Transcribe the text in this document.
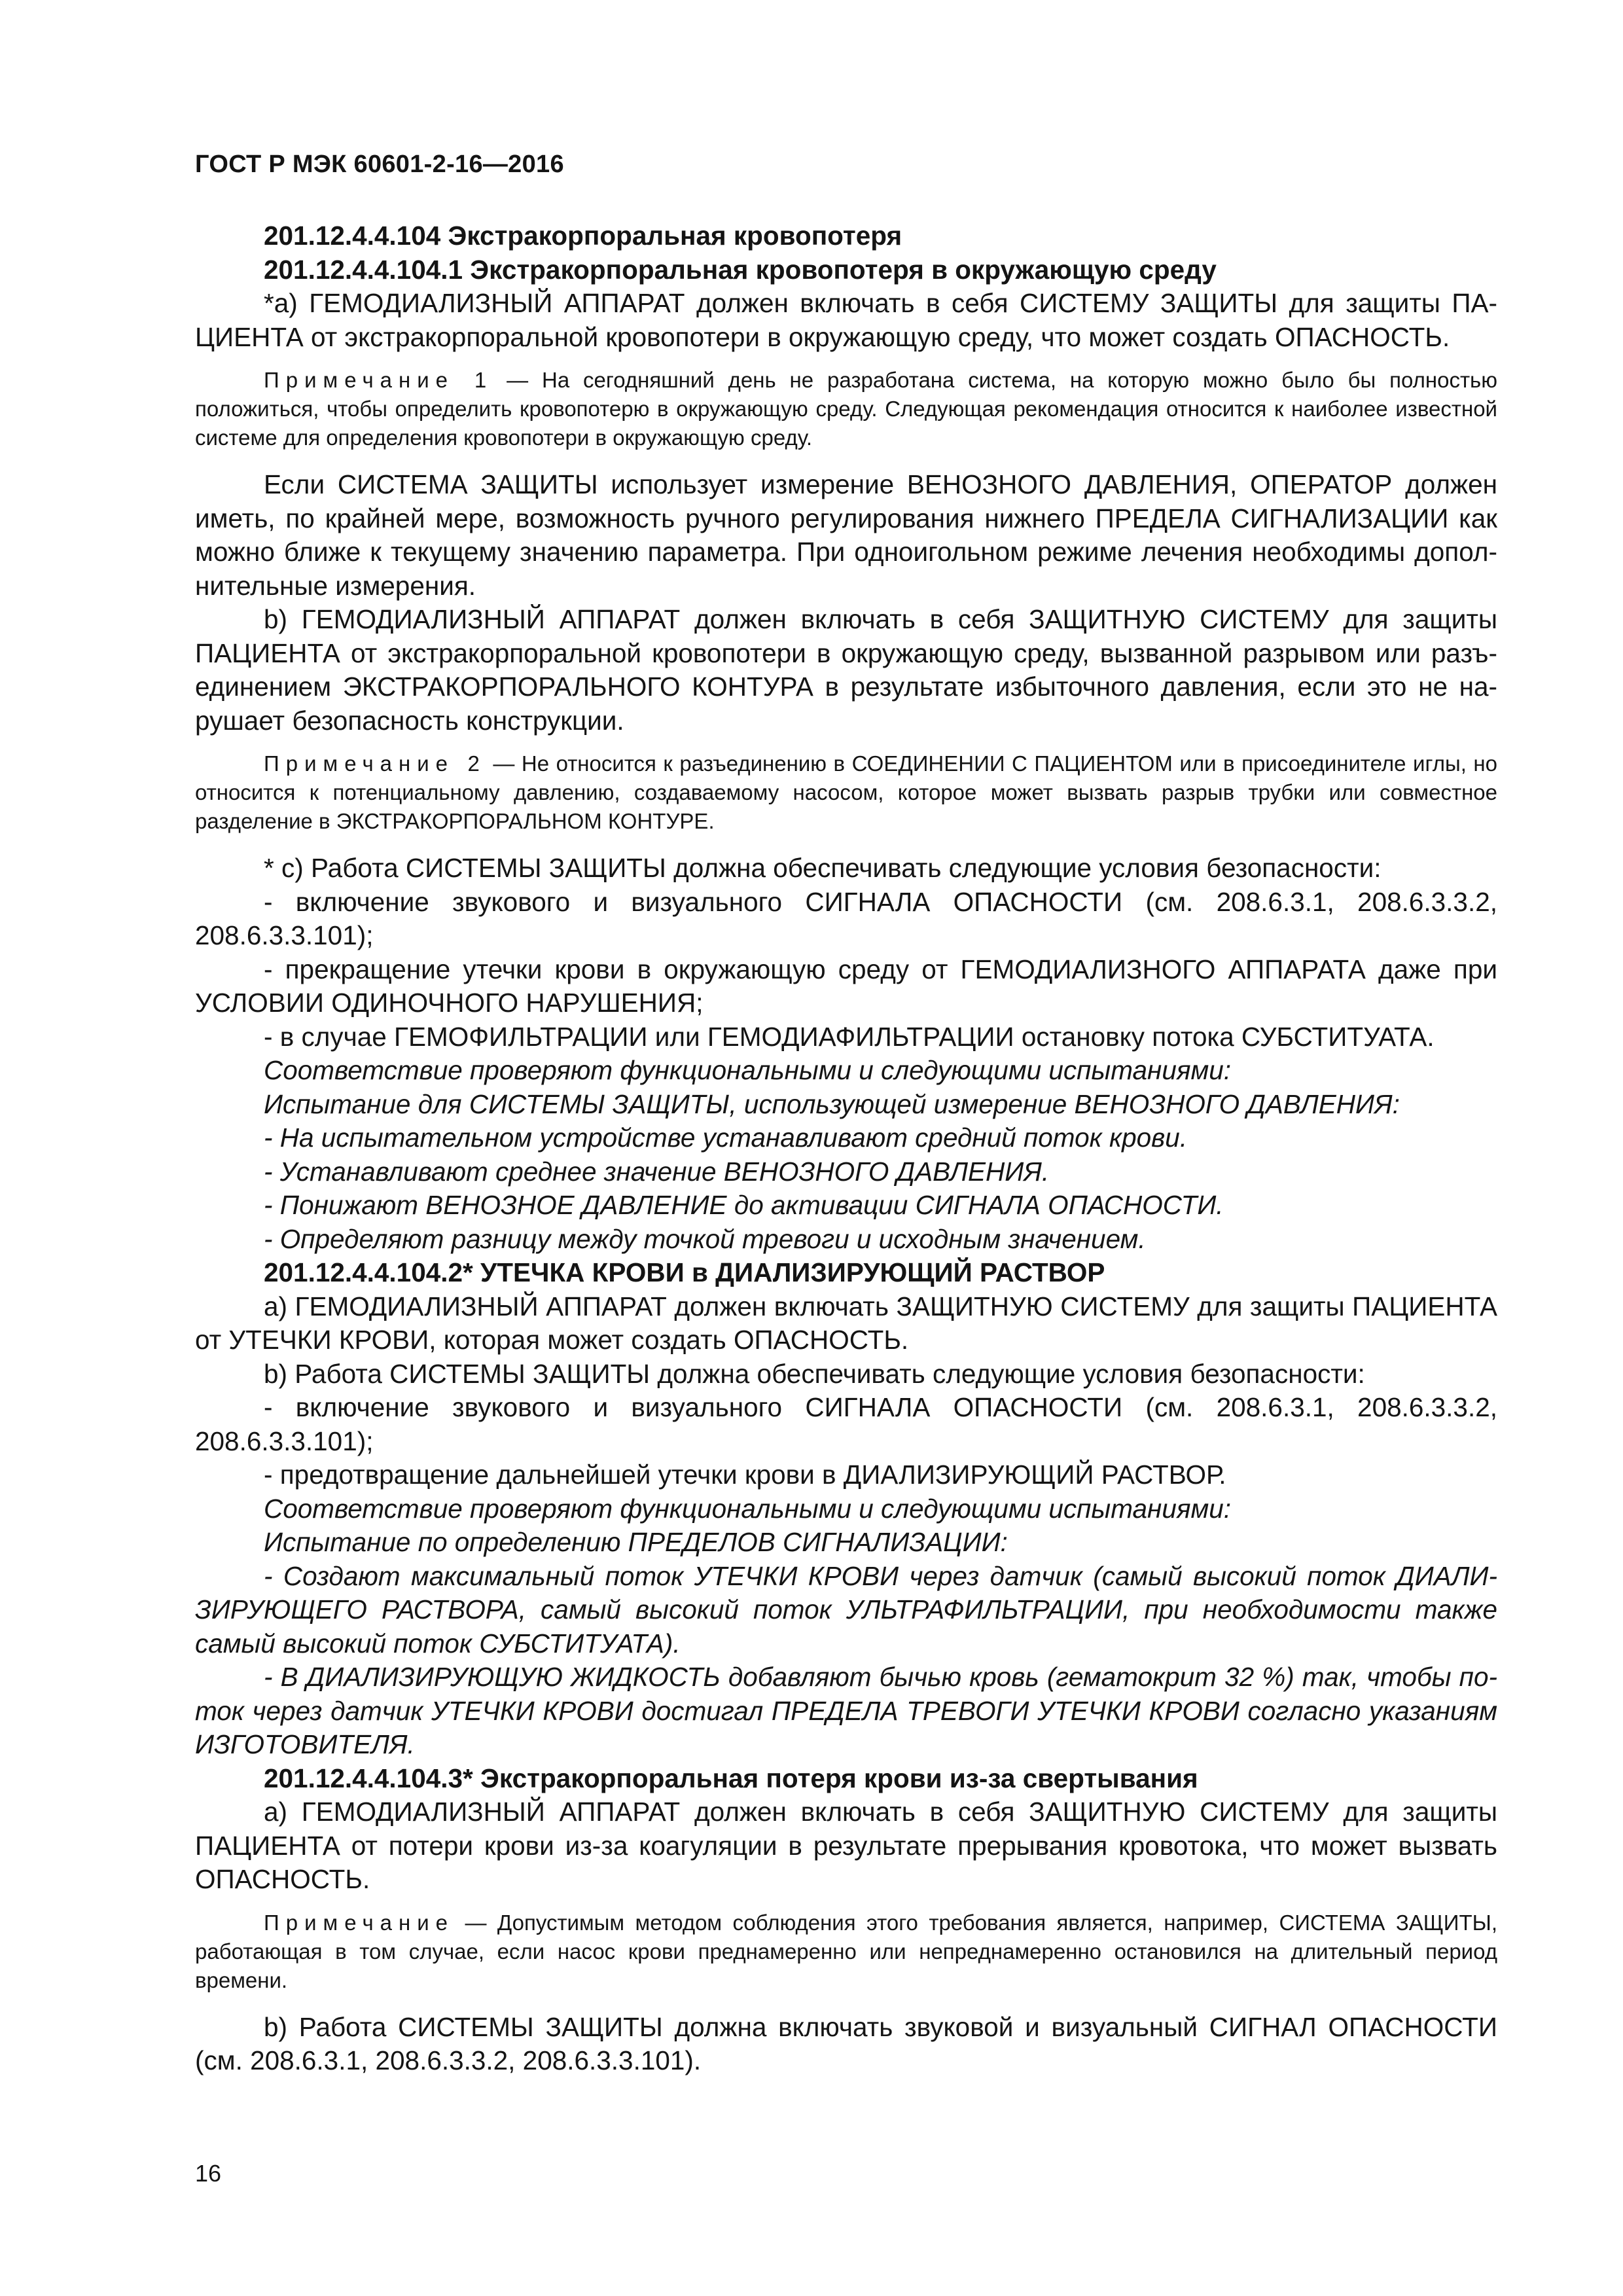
ГОСТ Р МЭК 60601-2-16—2016

201.12.4.4.104 Экстракорпоральная кровопотеря

201.12.4.4.104.1 Экстракорпоральная кровопотеря в окружающую среду

*а) ГЕМОДИАЛИЗНЫЙ АППАРАТ должен включать в себя СИСТЕМУ ЗАЩИТЫ для защиты ПАЦИЕНТА от экстракорпоральной кровопотери в окружающую среду, что может создать ОПАСНОСТЬ.

Примечание 1 — На сегодняшний день не разработана система, на которую можно было бы полностью положиться, чтобы определить кровопотерю в окружающую среду. Следующая рекомендация относится к наиболее известной системе для определения кровопотери в окружающую среду.

Если СИСТЕМА ЗАЩИТЫ использует измерение ВЕНОЗНОГО ДАВЛЕНИЯ, ОПЕРАТОР должен иметь, по крайней мере, возможность ручного регулирования нижнего ПРЕДЕЛА СИГНАЛИЗАЦИИ как можно ближе к текущему значению параметра. При одноигольном режиме лечения необходимы дополнительные измерения.

b) ГЕМОДИАЛИЗНЫЙ АППАРАТ должен включать в себя ЗАЩИТНУЮ СИСТЕМУ для защиты ПАЦИЕНТА от экстракорпоральной кровопотери в окружающую среду, вызванной разрывом или разъединением ЭКСТРАКОРПОРАЛЬНОГО КОНТУРА в результате избыточного давления, если это не нарушает безопасность конструкции.

Примечание 2 — Не относится к разъединению в СОЕДИНЕНИИ С ПАЦИЕНТОМ или в присоединителе иглы, но относится к потенциальному давлению, создаваемому насосом, которое может вызвать разрыв трубки или совместное разделение в ЭКСТРАКОРПОРАЛЬНОМ КОНТУРЕ.

* с) Работа СИСТЕМЫ ЗАЩИТЫ должна обеспечивать следующие условия безопасности:

- включение звукового и визуального СИГНАЛА ОПАСНОСТИ (см. 208.6.3.1, 208.6.3.3.2, 208.6.3.3.101);

- прекращение утечки крови в окружающую среду от ГЕМОДИАЛИЗНОГО АППАРАТА даже при УСЛОВИИ ОДИНОЧНОГО НАРУШЕНИЯ;

- в случае ГЕМОФИЛЬТРАЦИИ или ГЕМОДИАФИЛЬТРАЦИИ остановку потока СУБСТИТУАТА.

Соответствие проверяют функциональными и следующими испытаниями:

Испытание для СИСТЕМЫ ЗАЩИТЫ, использующей измерение ВЕНОЗНОГО ДАВЛЕНИЯ:

- На испытательном устройстве устанавливают средний поток крови.

- Устанавливают среднее значение ВЕНОЗНОГО ДАВЛЕНИЯ.

- Понижают ВЕНОЗНОЕ ДАВЛЕНИЕ до активации СИГНАЛА ОПАСНОСТИ.

- Определяют разницу между точкой тревоги и исходным значением.

201.12.4.4.104.2* УТЕЧКА КРОВИ в ДИАЛИЗИРУЮЩИЙ РАСТВОР

а) ГЕМОДИАЛИЗНЫЙ АППАРАТ должен включать ЗАЩИТНУЮ СИСТЕМУ для защиты ПАЦИЕНТА от УТЕЧКИ КРОВИ, которая может создать ОПАСНОСТЬ.

b) Работа СИСТЕМЫ ЗАЩИТЫ должна обеспечивать следующие условия безопасности:

- включение звукового и визуального СИГНАЛА ОПАСНОСТИ (см. 208.6.3.1, 208.6.3.3.2, 208.6.3.3.101);

- предотвращение дальнейшей утечки крови в ДИАЛИЗИРУЮЩИЙ РАСТВОР.

Соответствие проверяют функциональными и следующими испытаниями:

Испытание по определению ПРЕДЕЛОВ СИГНАЛИЗАЦИИ:

- Создают максимальный поток УТЕЧКИ КРОВИ через датчик (самый высокий поток ДИАЛИЗИРУЮЩЕГО РАСТВОРА, самый высокий поток УЛЬТРАФИЛЬТРАЦИИ, при необходимости также самый высокий поток СУБСТИТУАТА).

- В ДИАЛИЗИРУЮЩУЮ ЖИДКОСТЬ добавляют бычью кровь (гематокрит 32 %) так, чтобы поток через датчик УТЕЧКИ КРОВИ достигал ПРЕДЕЛА ТРЕВОГИ УТЕЧКИ КРОВИ согласно указаниям ИЗГОТОВИТЕЛЯ.

201.12.4.4.104.3* Экстракорпоральная потеря крови из-за свертывания

а) ГЕМОДИАЛИЗНЫЙ АППАРАТ должен включать в себя ЗАЩИТНУЮ СИСТЕМУ для защиты ПАЦИЕНТА от потери крови из-за коагуляции в результате прерывания кровотока, что может вызвать ОПАСНОСТЬ.

Примечание — Допустимым методом соблюдения этого требования является, например, СИСТЕМА ЗАЩИТЫ, работающая в том случае, если насос крови преднамеренно или непреднамеренно остановился на длительный период времени.

b) Работа СИСТЕМЫ ЗАЩИТЫ должна включать звуковой и визуальный СИГНАЛ ОПАСНОСТИ (см. 208.6.3.1, 208.6.3.3.2, 208.6.3.3.101).

16
